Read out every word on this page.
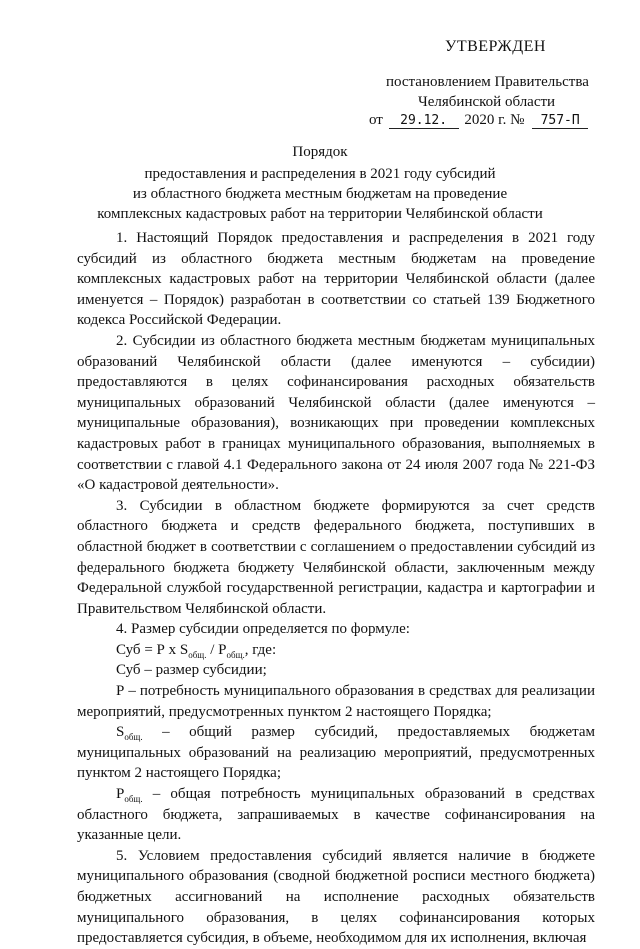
УТВЕРЖДЕН
постановлением Правительства
Челябинской области
от 29.12. 2020 г. № 757-П
Порядок
предоставления и распределения в 2021 году субсидий
из областного бюджета местным бюджетам на проведение
комплексных кадастровых работ на территории Челябинской области

1. Настоящий Порядок предоставления и распределения в 2021 году субсидий из областного бюджета местным бюджетам на проведение комплексных кадастровых работ на территории Челябинской области (далее именуется – Порядок) разработан в соответствии со статьей 139 Бюджетного кодекса Российской Федерации.

2. Субсидии из областного бюджета местным бюджетам муниципальных образований Челябинской области (далее именуются – субсидии) предоставляются в целях софинансирования расходных обязательств муниципальных образований Челябинской области (далее именуются – муниципальные образования), возникающих при проведении комплексных кадастровых работ в границах муниципального образования, выполняемых в соответствии с главой 4.1 Федерального закона от 24 июля 2007 года № 221-ФЗ «О кадастровой деятельности».

3. Субсидии в областном бюджете формируются за счет средств областного бюджета и средств федерального бюджета, поступивших в областной бюджет в соответствии с соглашением о предоставлении субсидий из федерального бюджета бюджету Челябинской области, заключенным между Федеральной службой государственной регистрации, кадастра и картографии и Правительством Челябинской области.

4. Размер субсидии определяется по формуле:

Суб = Р х $S_{общ.} / Р_{общ.}$, где:

Суб – размер субсидии;

Р – потребность муниципального образования в средствах для реализации мероприятий, предусмотренных пунктом 2 настоящего Порядка;

$S_{общ.}$ – общий размер субсидий, предоставляемых бюджетам муниципальных образований на реализацию мероприятий, предусмотренных пунктом 2 настоящего Порядка;

$Р_{общ.}$ – общая потребность муниципальных образований в средствах областного бюджета, запрашиваемых в качестве софинансирования на указанные цели.

5. Условием предоставления субсидий является наличие в бюджете муниципального образования (сводной бюджетной росписи местного бюджета) бюджетных ассигнований на исполнение расходных обязательств муниципального образования, в целях софинансирования которых предоставляется субсидия, в объеме, необходимом для их исполнения, включая
